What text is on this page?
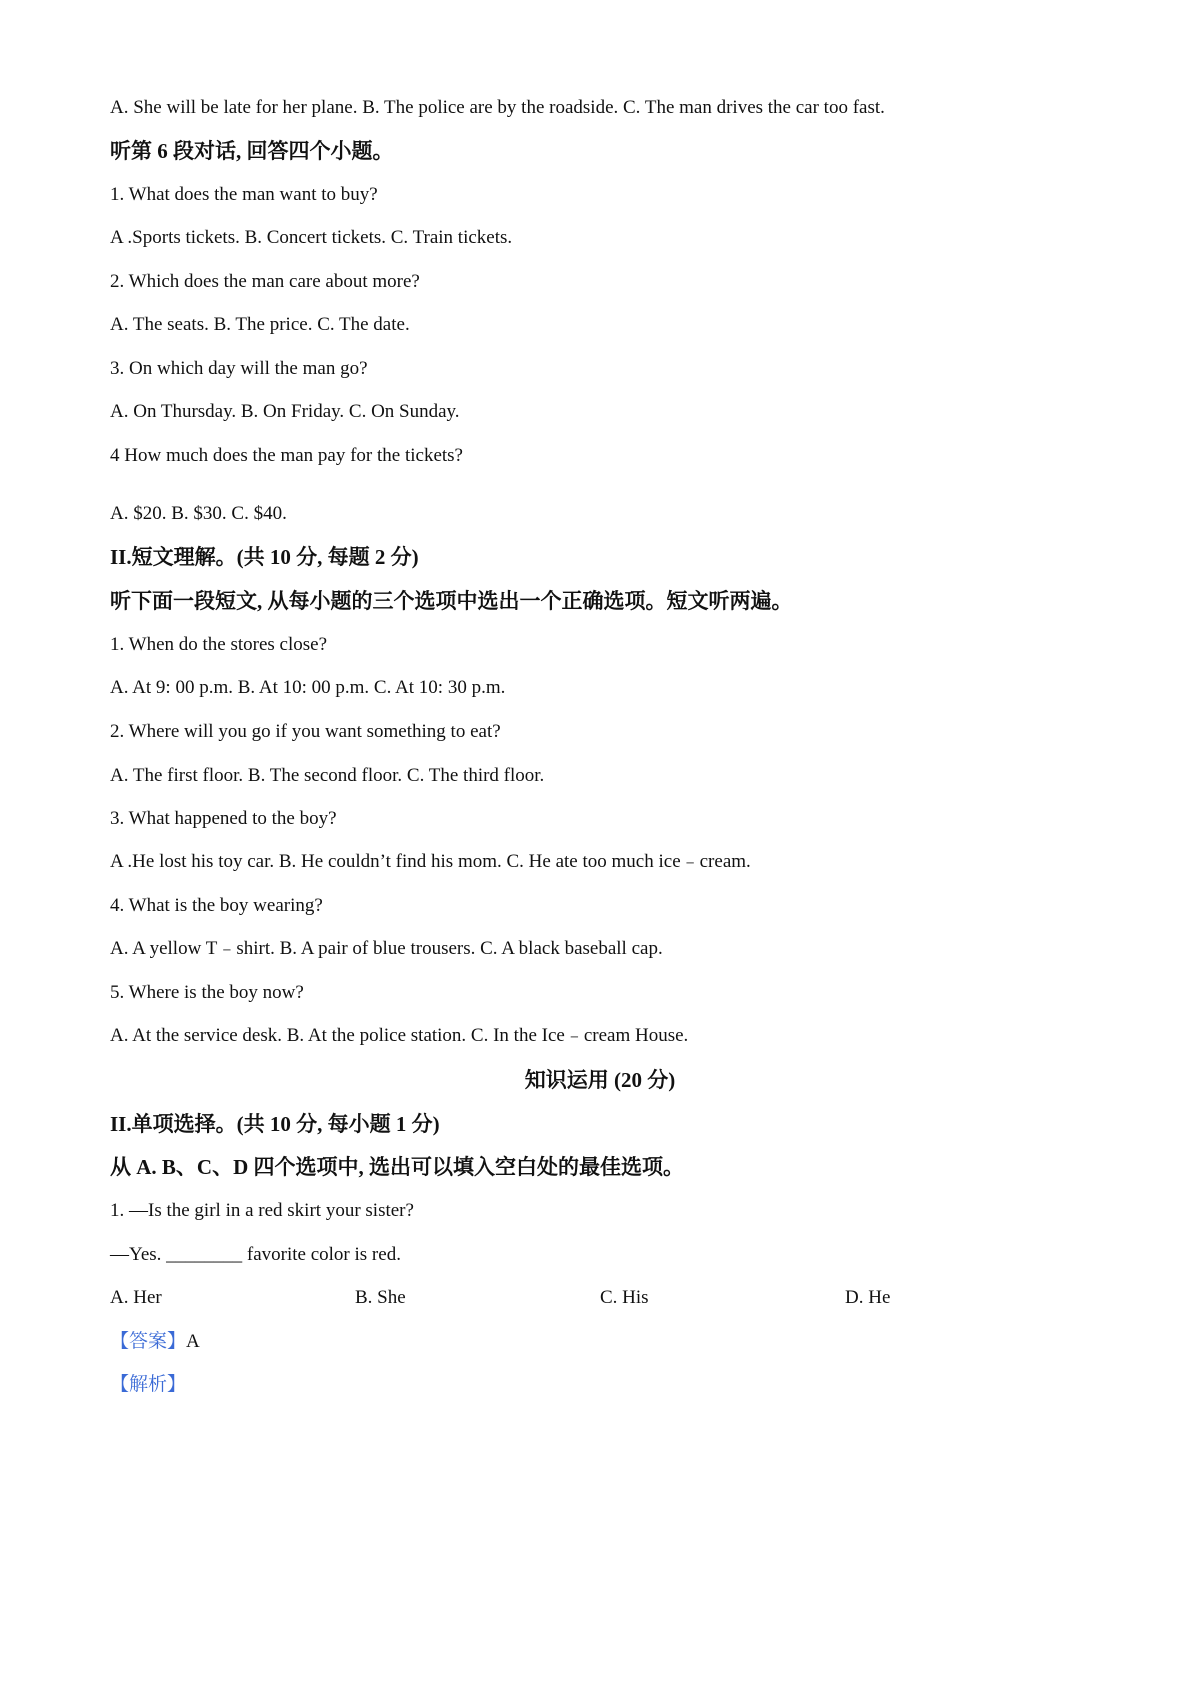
A. She will be late for her plane. B. The police are by the roadside. C. The man drives the car too fast.
听第 6 段对话, 回答四个小题。
1. What does the man want to buy?
A .Sports tickets. B. Concert tickets. C. Train tickets.
2. Which does the man care about more?
A. The seats. B. The price. C. The date.
3. On which day will the man go?
A. On Thursday. B. On Friday. C. On Sunday.
4 How much does the man pay for the tickets?
A. $20. B. $30. C. $40.
II.短文理解。(共 10 分, 每题 2 分)
听下面一段短文, 从每小题的三个选项中选出一个正确选项。短文听两遍。
1. When do the stores close?
A. At 9: 00 p.m. B. At 10: 00 p.m. C. At 10: 30 p.m.
2. Where will you go if you want something to eat?
A. The first floor. B. The second floor. C. The third floor.
3. What happened to the boy?
A .He lost his toy car. B. He couldn’t find his mom. C. He ate too much ice﹣cream.
4. What is the boy wearing?
A. A yellow T﹣shirt. B. A pair of blue trousers. C. A black baseball cap.
5. Where is the boy now?
A. At the service desk. B. At the police station. C. In the Ice﹣cream House.
知识运用 (20 分)
II.单项选择。(共 10 分, 每小题 1 分)
从 A. B、C、D 四个选项中, 选出可以填入空白处的最佳选项。
1. —Is the girl in a red skirt your sister?
—Yes. ________ favorite color is red.
A. Her	B. She	C. His	D. He
【答案】A
【解析】
